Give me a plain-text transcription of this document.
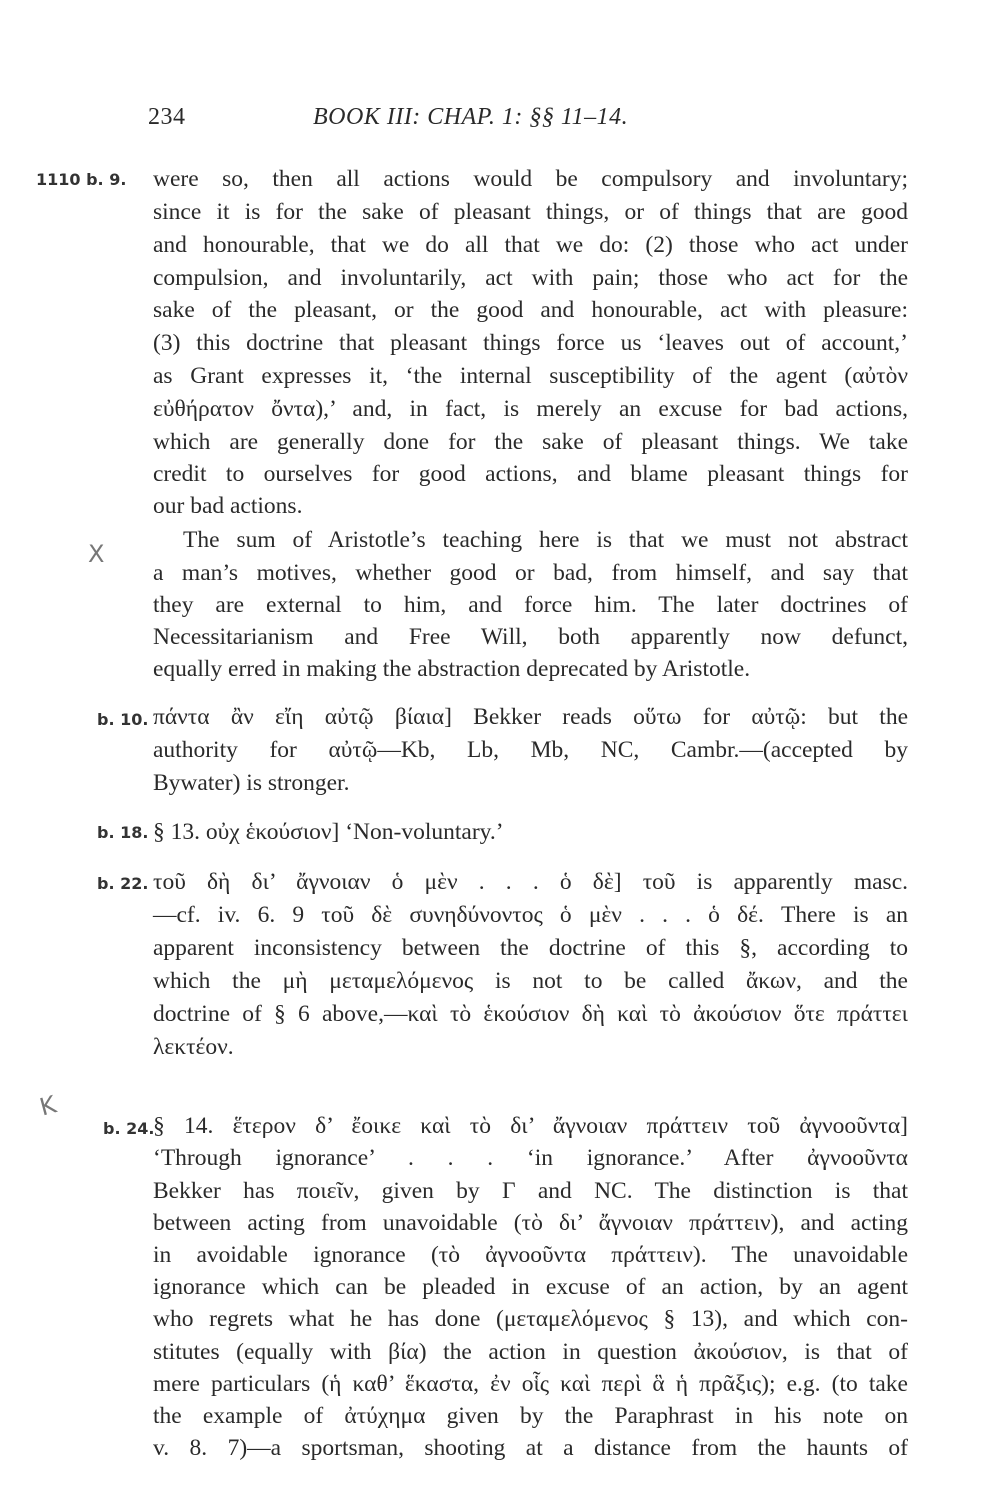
234	BOOK III: CHAP. 1: §§ 11–14.
X
K
1110 b. 9. were so, then all actions would be compulsory and involuntary;
since it is for the sake of pleasant things, or of things that are good
and honourable, that we do all that we do: (2) those who act under
compulsion, and involuntarily, act with pain; those who act for the
sake of the pleasant, or the good and honourable, act with pleasure:
(3) this doctrine that pleasant things force us ‘leaves out of account,’
as Grant expresses it, ‘the internal susceptibility of the agent (αὐτὸν
εὐθήρατον ὄντα),’ and, in fact, is merely an excuse for bad actions,
which are generally done for the sake of pleasant things. We take
credit to ourselves for good actions, and blame pleasant things for
our bad actions.
The sum of Aristotle’s teaching here is that we must not abstract
a man’s motives, whether good or bad, from himself, and say that
they are external to him, and force him. The later doctrines of
Necessitarianism and Free Will, both apparently now defunct,
equally erred in making the abstraction deprecated by Aristotle.
b. 10. πάντα ἂν εἴη αὐτῷ βίαια] Bekker reads οὕτω for αὐτῷ: but the
authority for αὐτῷ—Kb, Lb, Mb, NC, Cambr.—(accepted by
Bywater) is stronger.
b. 18. § 13. οὐχ ἑκούσιον] ‘Non-voluntary.’
b. 22. τοῦ δὴ δι’ ἄγνοιαν ὁ μὲν . . . ὁ δὲ] τοῦ is apparently masc.
—cf. iv. 6. 9 τοῦ δὲ συνηδύνοντος ὁ μὲν . . . ὁ δέ. There is an
apparent inconsistency between the doctrine of this §, according to
which the μὴ μεταμελόμενος is not to be called ἄκων, and the
doctrine of § 6 above,—καὶ τὸ ἑκούσιον δὴ καὶ τὸ ἀκούσιον ὅτε πράττει
λεκτέον.
b. 24.
§ 14. ἕτερον δ’ ἔοικε καὶ τὸ δι’ ἄγνοιαν πράττειν τοῦ ἀγνοοῦντα]
‘Through ignorance’ . . . ‘in ignorance.’ After ἀγνοοῦντα
Bekker has ποιεῖν, given by Γ and NC. The distinction is that
between acting from unavoidable (τὸ δι’ ἄγνοιαν πράττειν), and acting
in avoidable ignorance (τὸ ἀγνοοῦντα πράττειν). The unavoidable
ignorance which can be pleaded in excuse of an action, by an agent
who regrets what he has done (μεταμελόμενος § 13), and which con-
stitutes (equally with βία) the action in question ἀκούσιον, is that of
mere particulars (ἡ καθ’ ἕκαστα, ἐν οἷς καὶ περὶ ἃ ἡ πρᾶξις); e.g. (to take
the example of ἀτύχημα given by the Paraphrast in his note on
v. 8. 7)—a sportsman, shooting at a distance from the haunts of
